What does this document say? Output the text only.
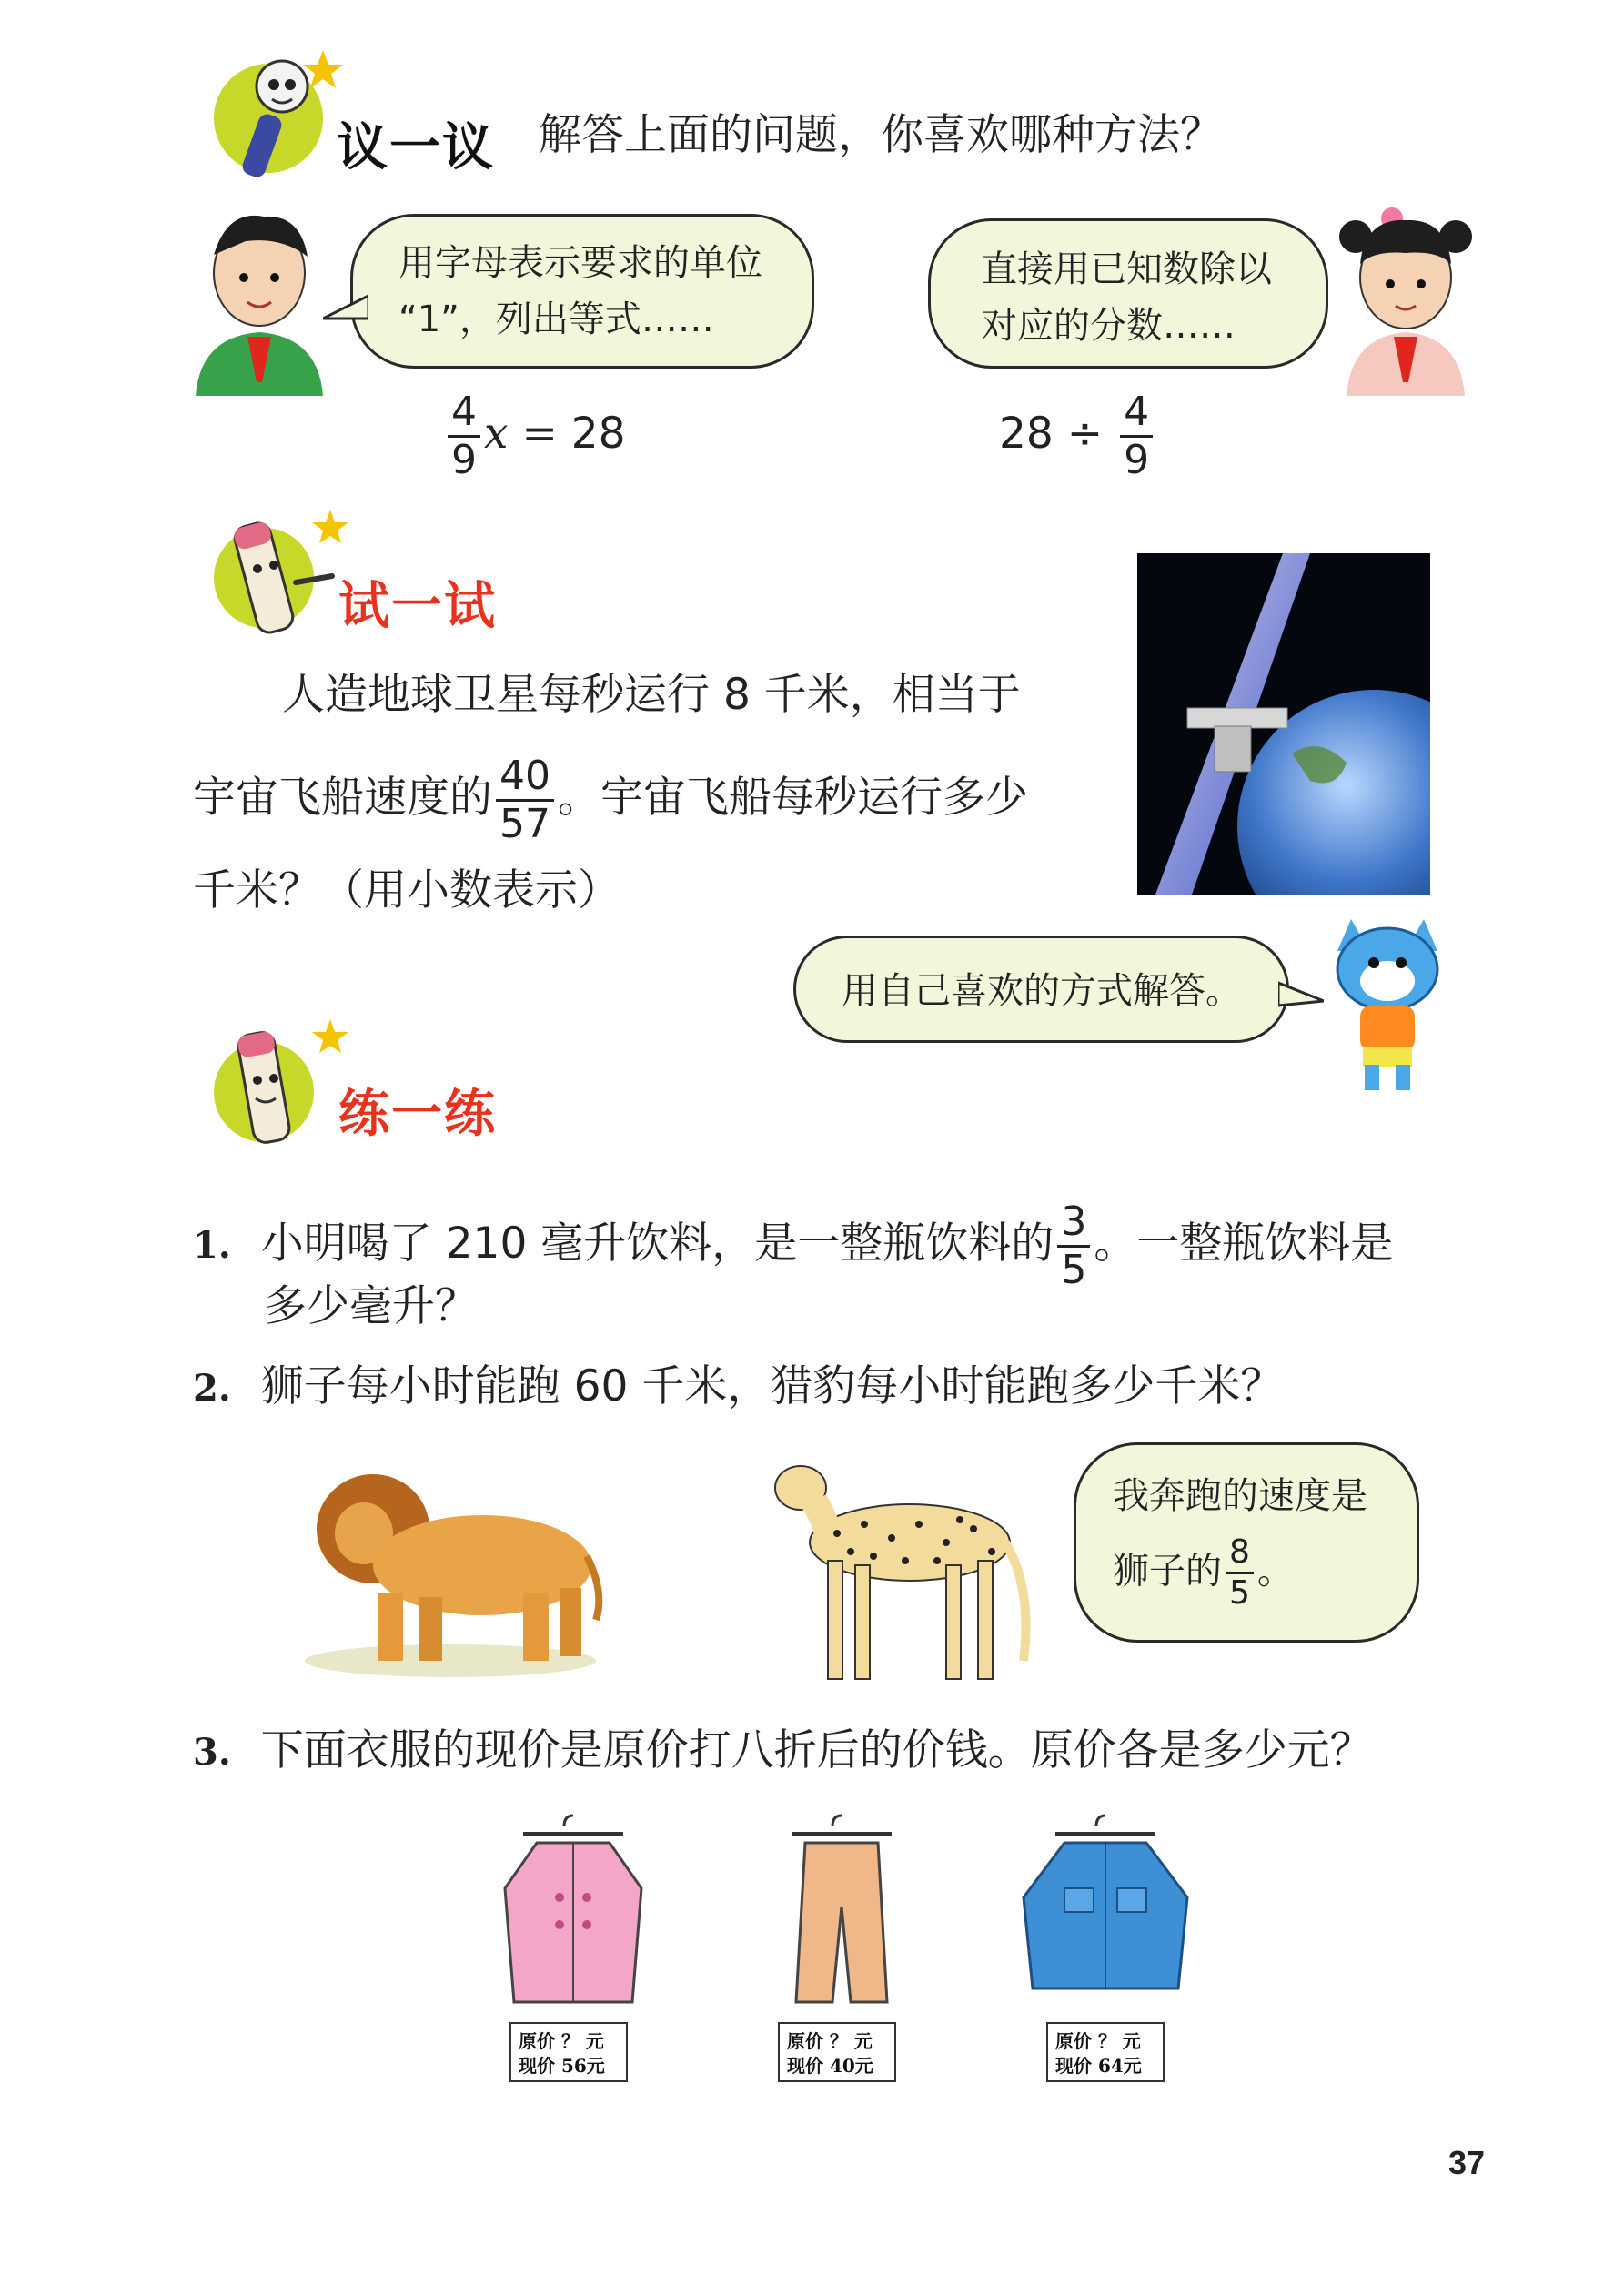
议一议 解答上面的问题，你喜欢哪种方法？
用字母表示要求的单位
“1”，列出等式……
直接用已知数除以
对应的分数……
$\frac{4}{9}$ x = 28	$28 \div \frac{4}{9}$
试一试
人造地球卫星每秒运行 8 千米，相当于
宇宙飞船速度的 $\frac{40}{57}$ 。宇宙飞船每秒运行多少
千米？（用小数表示）
用自己喜欢的方式解答。
练一练
1. 小明喝了 210 毫升饮料，是一整瓶饮料的 $\frac{3}{5}$ 。一整瓶饮料是
多少毫升？
2. 狮子每小时能跑 60 千米，猎豹每小时能跑多少千米？
我奔跑的速度是
狮子的 $\frac{8}{5}$ 。
3. 下面衣服的现价是原价打八折后的价钱。原价各是多少元？
原价 ？ 元
现价 56元
原价 ？ 元
现价 40元
原价 ？ 元
现价 64元
37
